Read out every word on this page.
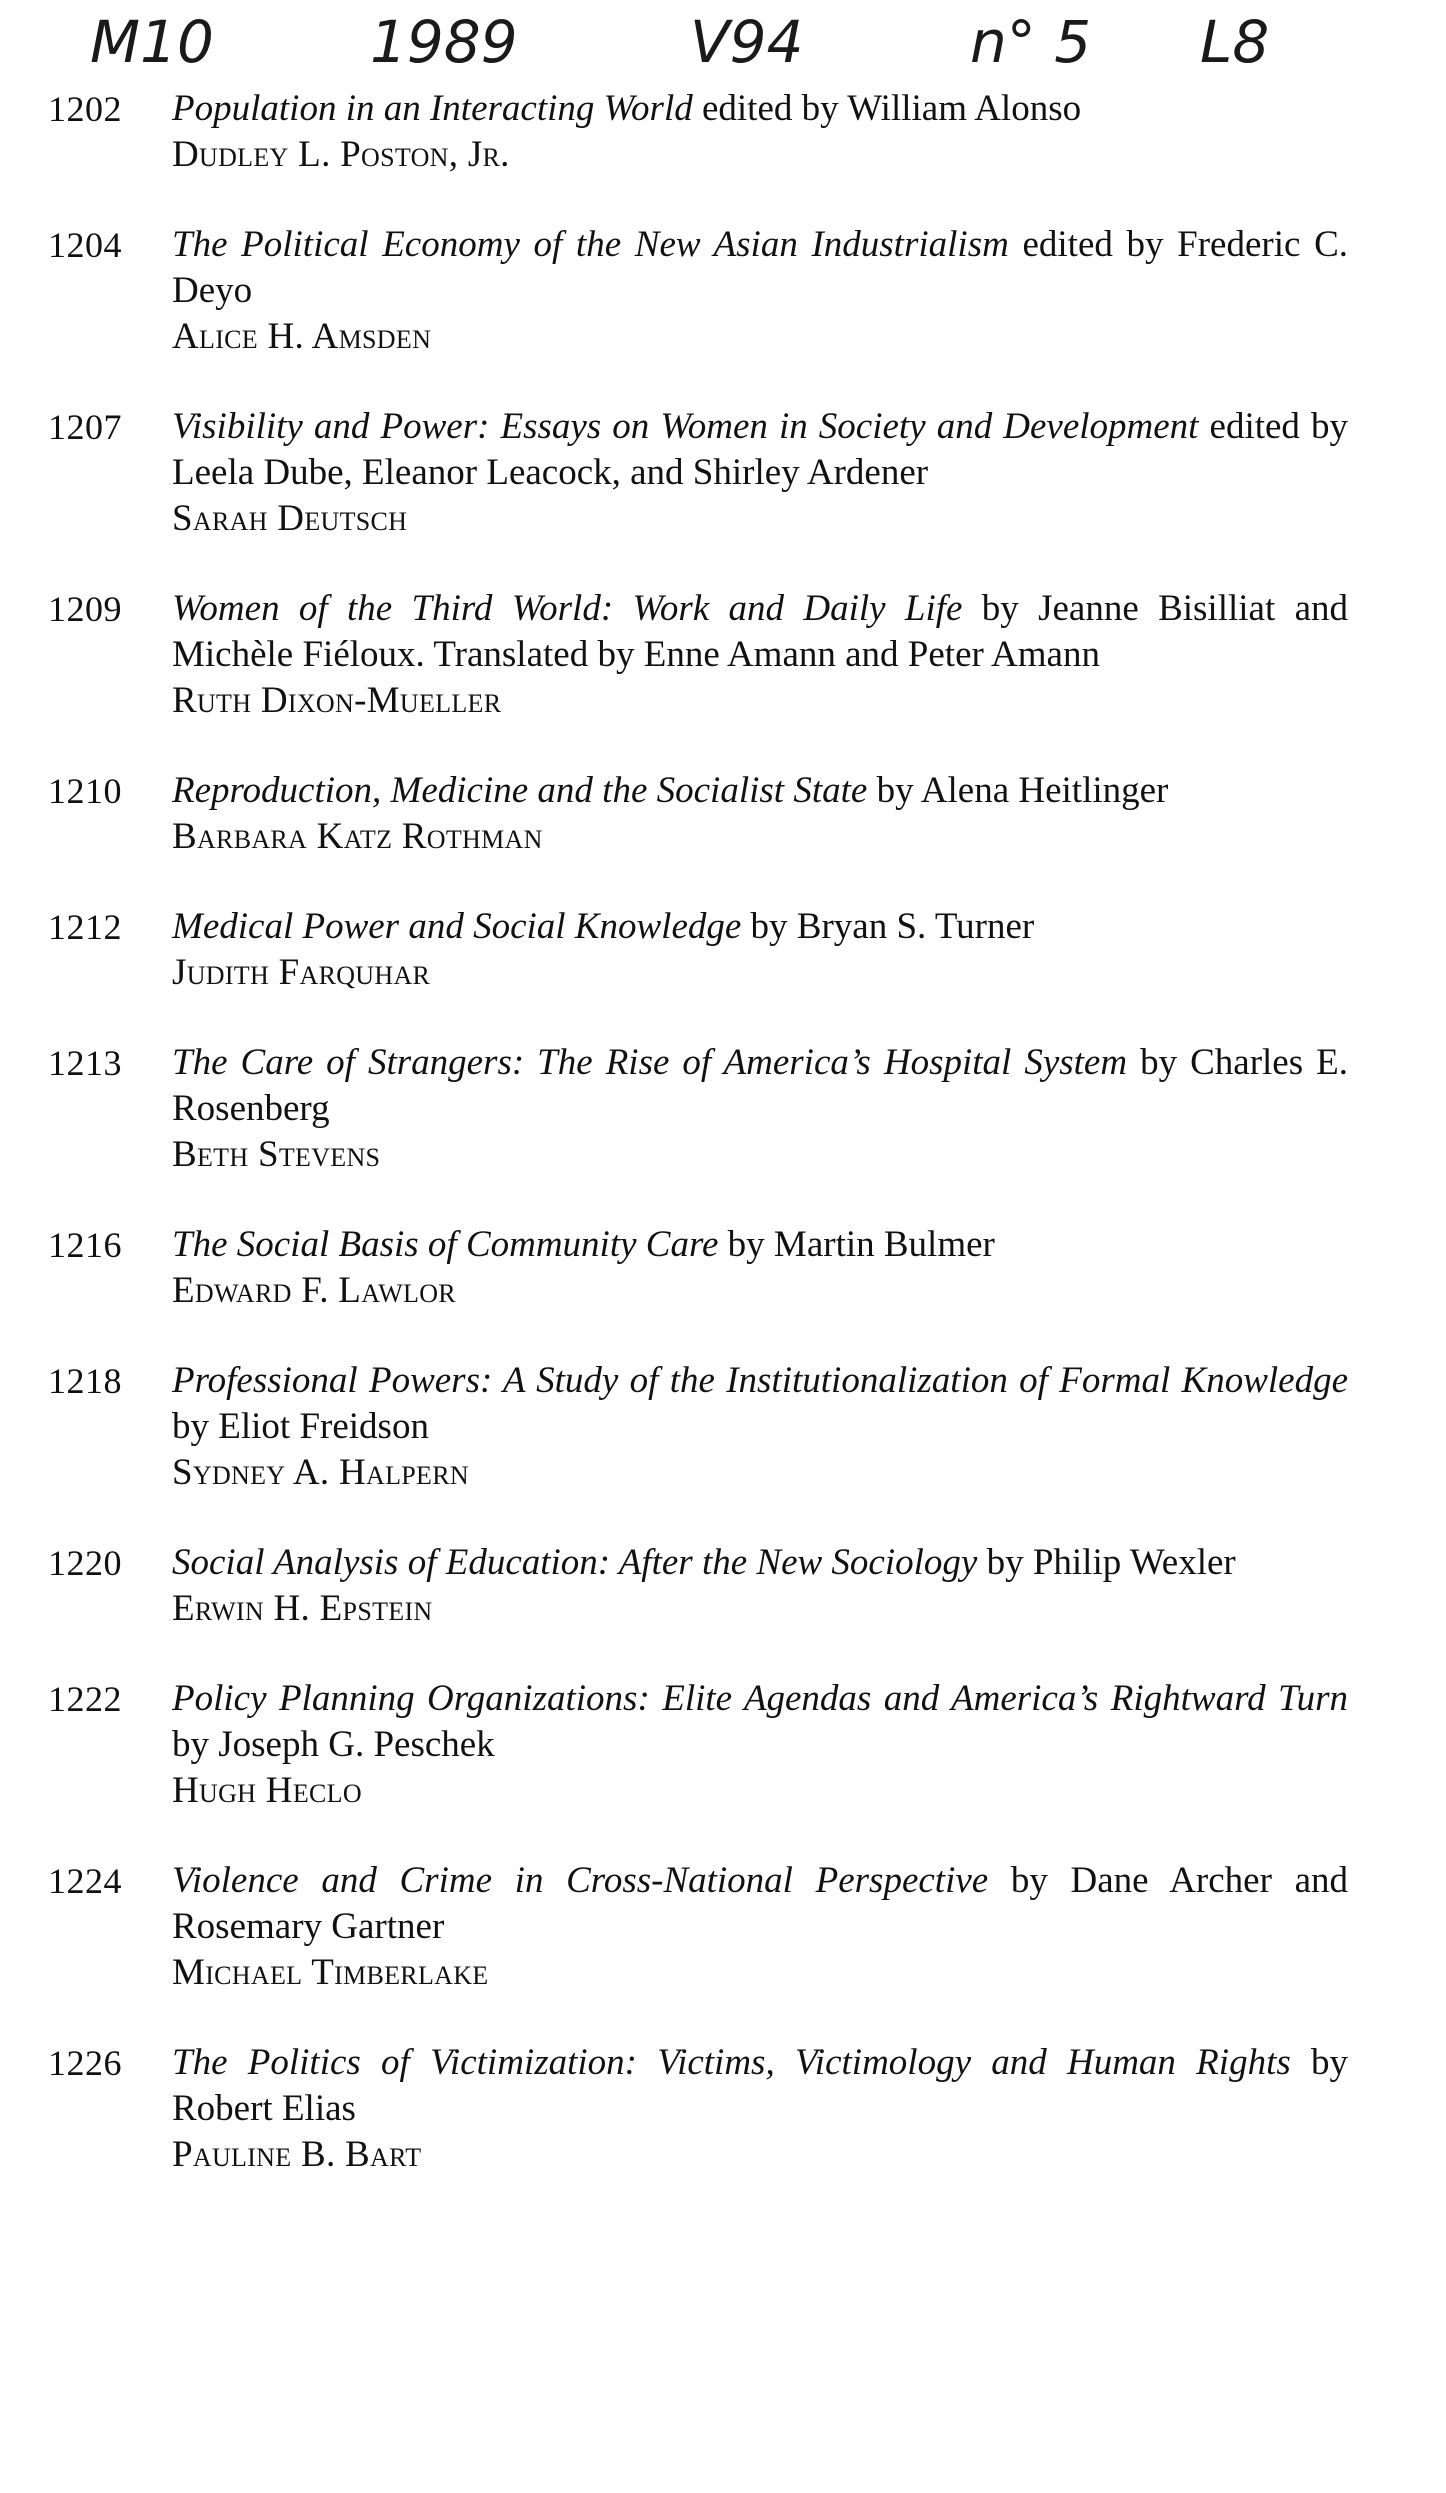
M10	1989	V94	n° 5 L8
1202	Population in an Interacting World edited by William Alonso
Dudley L. Poston, Jr.
1204	The Political Economy of the New Asian Industrialism edited by Frederic C. Deyo
Alice H. Amsden
1207	Visibility and Power: Essays on Women in Society and Development edited by Leela Dube, Eleanor Leacock, and Shirley Ardener
Sarah Deutsch
1209	Women of the Third World: Work and Daily Life by Jeanne Bisilliat and Michèle Fiéloux. Translated by Enne Amann and Peter Amann
Ruth Dixon-Mueller
1210	Reproduction, Medicine and the Socialist State by Alena Heitlinger
Barbara Katz Rothman
1212	Medical Power and Social Knowledge by Bryan S. Turner
Judith Farquhar
1213	The Care of Strangers: The Rise of America’s Hospital System by Charles E. Rosenberg
Beth Stevens
1216	The Social Basis of Community Care by Martin Bulmer
Edward F. Lawlor
1218	Professional Powers: A Study of the Institutionalization of Formal Knowledge by Eliot Freidson
Sydney A. Halpern
1220	Social Analysis of Education: After the New Sociology by Philip Wexler
Erwin H. Epstein
1222	Policy Planning Organizations: Elite Agendas and America’s Rightward Turn by Joseph G. Peschek
Hugh Heclo
1224	Violence and Crime in Cross-National Perspective by Dane Archer and Rosemary Gartner
Michael Timberlake
1226	The Politics of Victimization: Victims, Victimology and Human Rights by Robert Elias
Pauline B. Bart
